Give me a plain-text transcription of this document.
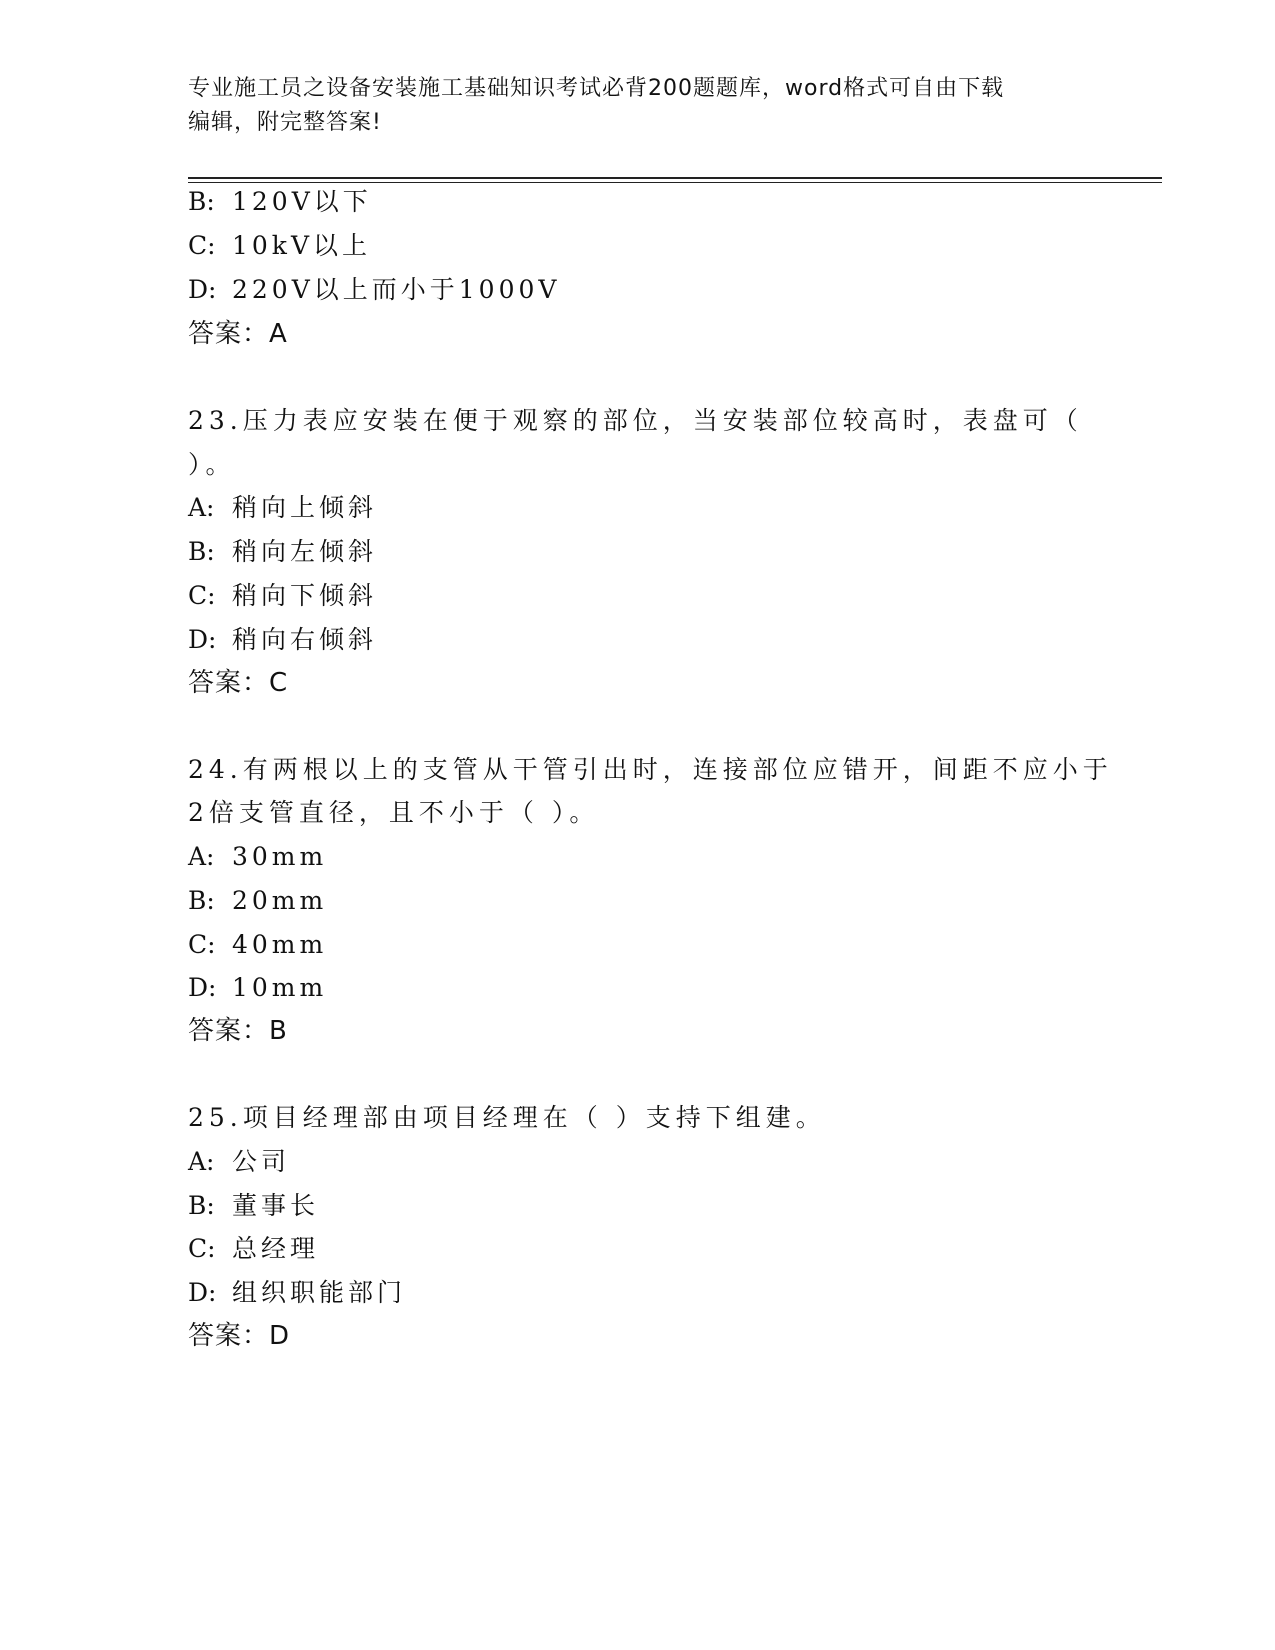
专业施工员之设备安装施工基础知识考试必背200题题库，word格式可自由下载
编辑，附完整答案!
B: 120V以下
C: 10kV以上
D: 220V以上而小于1000V
答案：A
23.压力表应安装在便于观察的部位，当安装部位较高时，表盘可（
）。
A: 稍向上倾斜
B: 稍向左倾斜
C: 稍向下倾斜
D: 稍向右倾斜
答案：C
24.有两根以上的支管从干管引出时，连接部位应错开，间距不应小于
2倍支管直径，且不小于（ ）。
A: 30mm
B: 20mm
C: 40mm
D: 10mm
答案：B
25.项目经理部由项目经理在（ ）支持下组建。
A: 公司
B: 董事长
C: 总经理
D: 组织职能部门
答案：D
